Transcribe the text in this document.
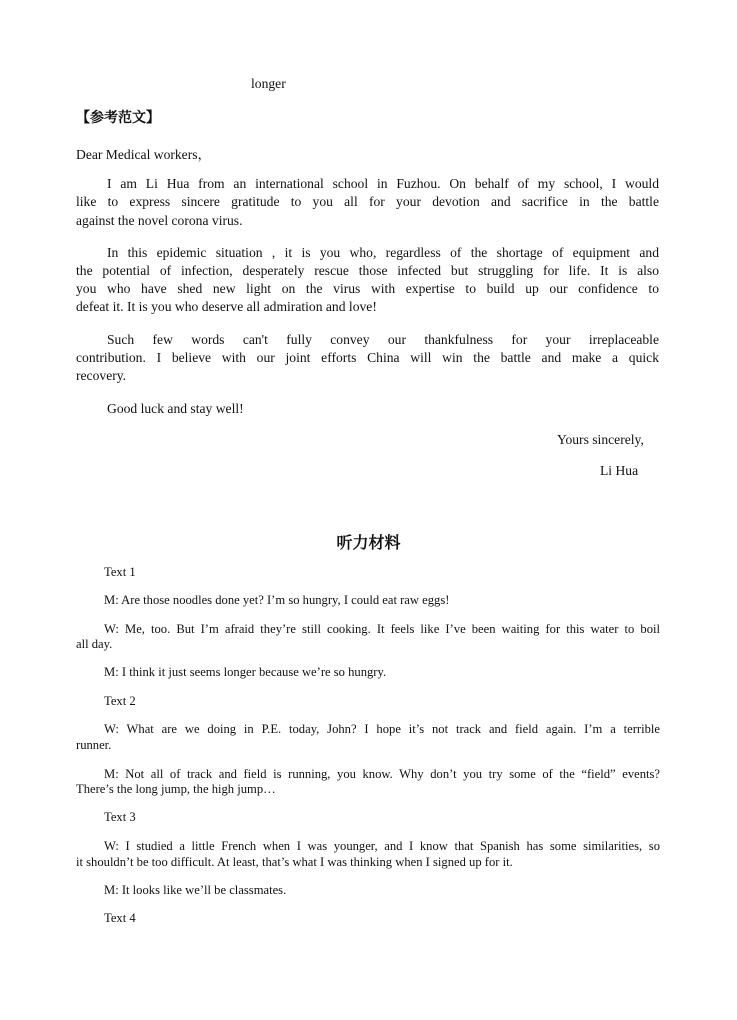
longer
【参考范文】
Dear Medical workers，
I am Li Hua from an international school in Fuzhou. On behalf of my school, I would
like to express sincere gratitude to you all for your devotion and sacrifice in the battle
against the novel corona virus.
In this epidemic situation , it is you who, regardless of the shortage of equipment and
the potential of infection, desperately rescue those infected but struggling for life. It is also
you who have shed new light on the virus with expertise to build up our confidence to
defeat it. It is you who deserve all admiration and love!
Such few words can't fully convey our thankfulness for your irreplaceable
contribution. I believe with our joint efforts China will win the battle and make a quick
recovery.
Good luck and stay well!
Yours sincerely,
Li Hua
听力材料
Text 1
M: Are those noodles done yet? I’m so hungry, I could eat raw eggs!
W: Me, too. But I’m afraid they’re still cooking. It feels like I’ve been waiting for this water to boil
all day.
M: I think it just seems longer because we’re so hungry.
Text 2
W: What are we doing in P.E. today, John? I hope it’s not track and field again. I’m a terrible
runner.
M: Not all of track and field is running, you know. Why don’t you try some of the “field” events?
There’s the long jump, the high jump…
Text 3
W: I studied a little French when I was younger, and I know that Spanish has some similarities, so
it shouldn’t be too difficult. At least, that’s what I was thinking when I signed up for it.
M: It looks like we’ll be classmates.
Text 4
